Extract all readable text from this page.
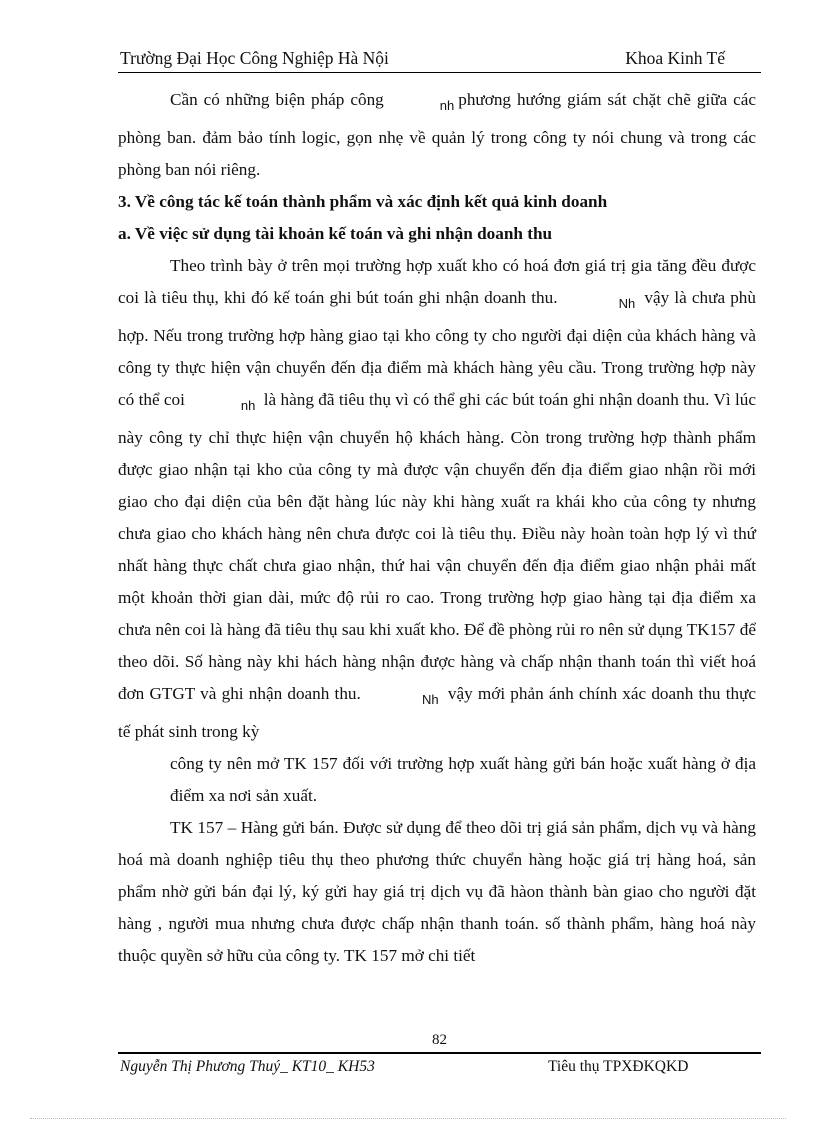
Trường Đại Học Công Nghiệp Hà Nội	Khoa Kinh Tế

Cần có những biện pháp công	nh phương hướng giám sát chặt chẽ giữa các phòng ban. đảm bảo tính logic, gọn nhẹ về quản lý trong công ty nói chung và trong các phòng ban nói riêng.

3. Về công tác kế toán thành phẩm và xác định kết quả kinh doanh

a. Về việc sử dụng tài khoản kế toán và ghi nhận doanh thu

Theo trình bày ở trên mọi trường hợp xuất kho có hoá đơn giá trị gia tăng đều được coi là tiêu thụ, khi đó kế toán ghi bút toán ghi nhận doanh thu.	Nh vậy là chưa phù hợp. Nếu trong trường hợp hàng giao tại kho công ty cho người đại diện của khách hàng và công ty thực hiện vận chuyển đến địa điểm mà khách hàng yêu cầu. Trong trường hợp này có thể coi	nh là hàng đã tiêu thụ vì có thể ghi các bút toán ghi nhận doanh thu. Vì lúc này công ty chỉ thực hiện vận chuyển hộ khách hàng. Còn trong trường hợp thành phẩm được giao nhận tại kho của công ty mà được vận chuyển đến địa điểm giao nhận rồi mới giao cho đại diện của bên đặt hàng lúc này khi hàng xuất ra khái kho của công ty nhưng chưa giao cho khách hàng nên chưa được coi là tiêu thụ. Điều này hoàn toàn hợp lý vì thứ nhất hàng thực chất chưa giao nhận, thứ hai vận chuyển đến địa điểm giao nhận phải mất một khoản thời gian dài, mức độ rủi ro cao. Trong trường hợp giao hàng tại địa điểm xa chưa nên coi là hàng đã tiêu thụ sau khi xuất kho. Để đề phòng rủi ro nên sử dụng TK157 để theo dõi. Số hàng này khi hách hàng nhận được hàng và chấp nhận thanh toán thì viết hoá đơn GTGT và ghi nhận doanh thu.	Nh vậy mới phản ánh chính xác doanh thu thực tế phát sinh trong kỳ

công ty nên mở TK 157 đối với trường hợp xuất hàng gửi bán hoặc xuất hàng ở địa điểm xa nơi sản xuất.

TK 157 – Hàng gửi bán. Được sử dụng để theo dõi trị giá sản phẩm, dịch vụ và hàng hoá mà doanh nghiệp tiêu thụ theo phương thức chuyển hàng hoặc giá trị hàng hoá, sản phẩm nhờ gửi bán đại lý, ký gửi hay giá trị dịch vụ đã hàon thành bàn giao cho người đặt hàng , người mua nhưng chưa được chấp nhận thanh toán. số thành phẩm, hàng hoá này thuộc quyền sở hữu của công ty. TK 157 mở chi tiết

82
Nguyễn Thị Phương Thuý_ KT10_ KH53	Tiêu thụ TPXĐKQKD
